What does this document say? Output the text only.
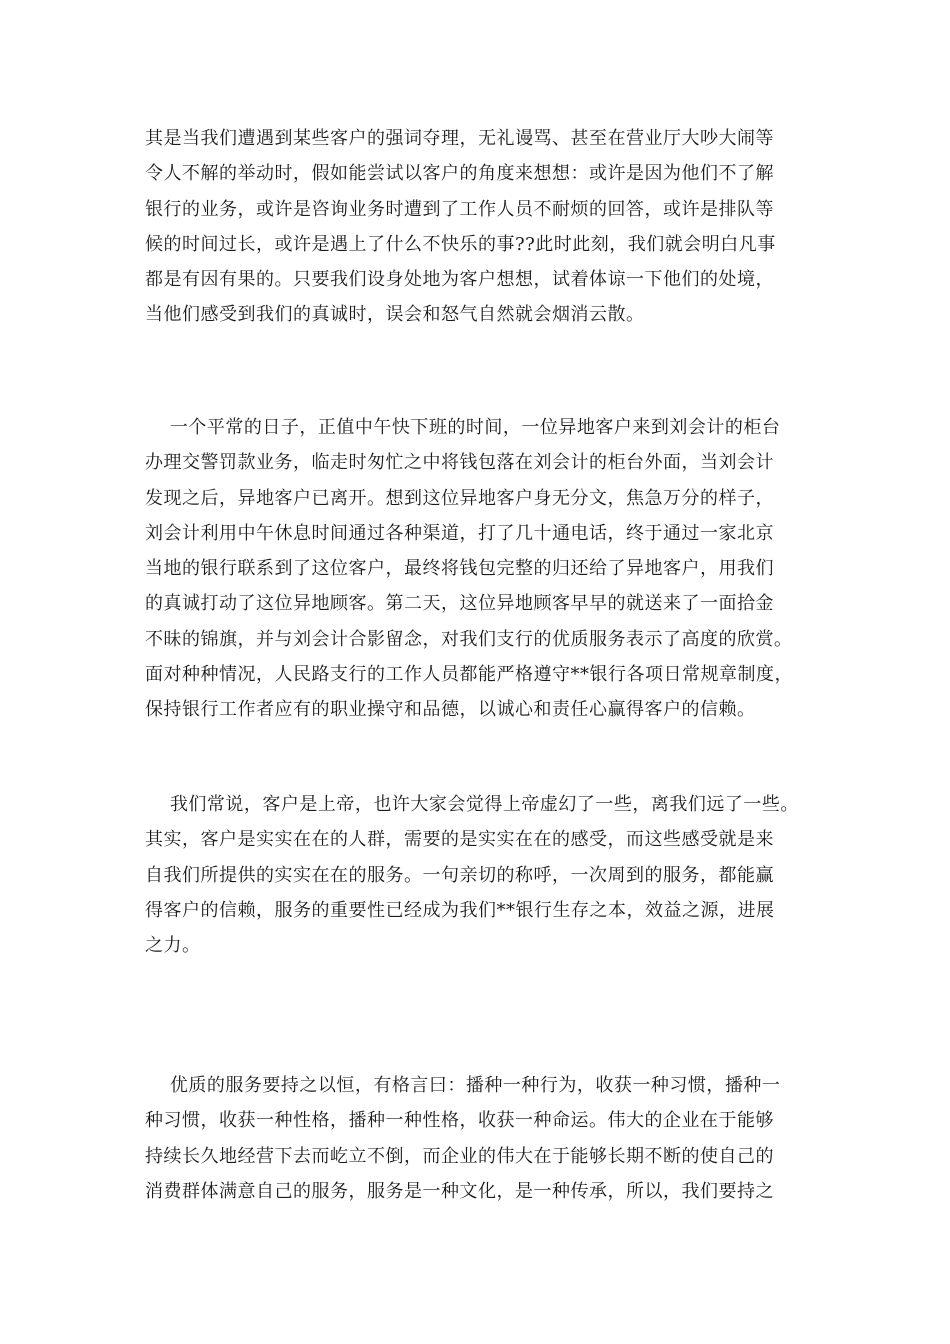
其是当我们遭遇到某些客户的强词夺理，无礼谩骂、甚至在营业厅大吵大闹等
令人不解的举动时，假如能尝试以客户的角度来想想：或许是因为他们不了解
银行的业务，或许是咨询业务时遭到了工作人员不耐烦的回答，或许是排队等
候的时间过长，或许是遇上了什么不快乐的事??此时此刻，我们就会明白凡事
都是有因有果的。只要我们设身处地为客户想想，试着体谅一下他们的处境，
当他们感受到我们的真诚时，误会和怒气自然就会烟消云散。
一个平常的日子，正值中午快下班的时间，一位异地客户来到刘会计的柜台
办理交警罚款业务，临走时匆忙之中将钱包落在刘会计的柜台外面，当刘会计
发现之后，异地客户已离开。想到这位异地客户身无分文，焦急万分的样子，
刘会计利用中午休息时间通过各种渠道，打了几十通电话，终于通过一家北京
当地的银行联系到了这位客户，最终将钱包完整的归还给了异地客户，用我们
的真诚打动了这位异地顾客。第二天，这位异地顾客早早的就送来了一面拾金
不昧的锦旗，并与刘会计合影留念，对我们支行的优质服务表示了高度的欣赏。
面对种种情况，人民路支行的工作人员都能严格遵守**银行各项日常规章制度，
保持银行工作者应有的职业操守和品德，以诚心和责任心赢得客户的信赖。
我们常说，客户是上帝，也许大家会觉得上帝虚幻了一些，离我们远了一些。
其实，客户是实实在在的人群，需要的是实实在在的感受，而这些感受就是来
自我们所提供的实实在在的服务。一句亲切的称呼，一次周到的服务，都能赢
得客户的信赖，服务的重要性已经成为我们**银行生存之本，效益之源，进展
之力。
优质的服务要持之以恒，有格言曰：播种一种行为，收获一种习惯，播种一
种习惯，收获一种性格，播种一种性格，收获一种命运。伟大的企业在于能够
持续长久地经营下去而屹立不倒，而企业的伟大在于能够长期不断的使自己的
消费群体满意自己的服务，服务是一种文化，是一种传承，所以，我们要持之
